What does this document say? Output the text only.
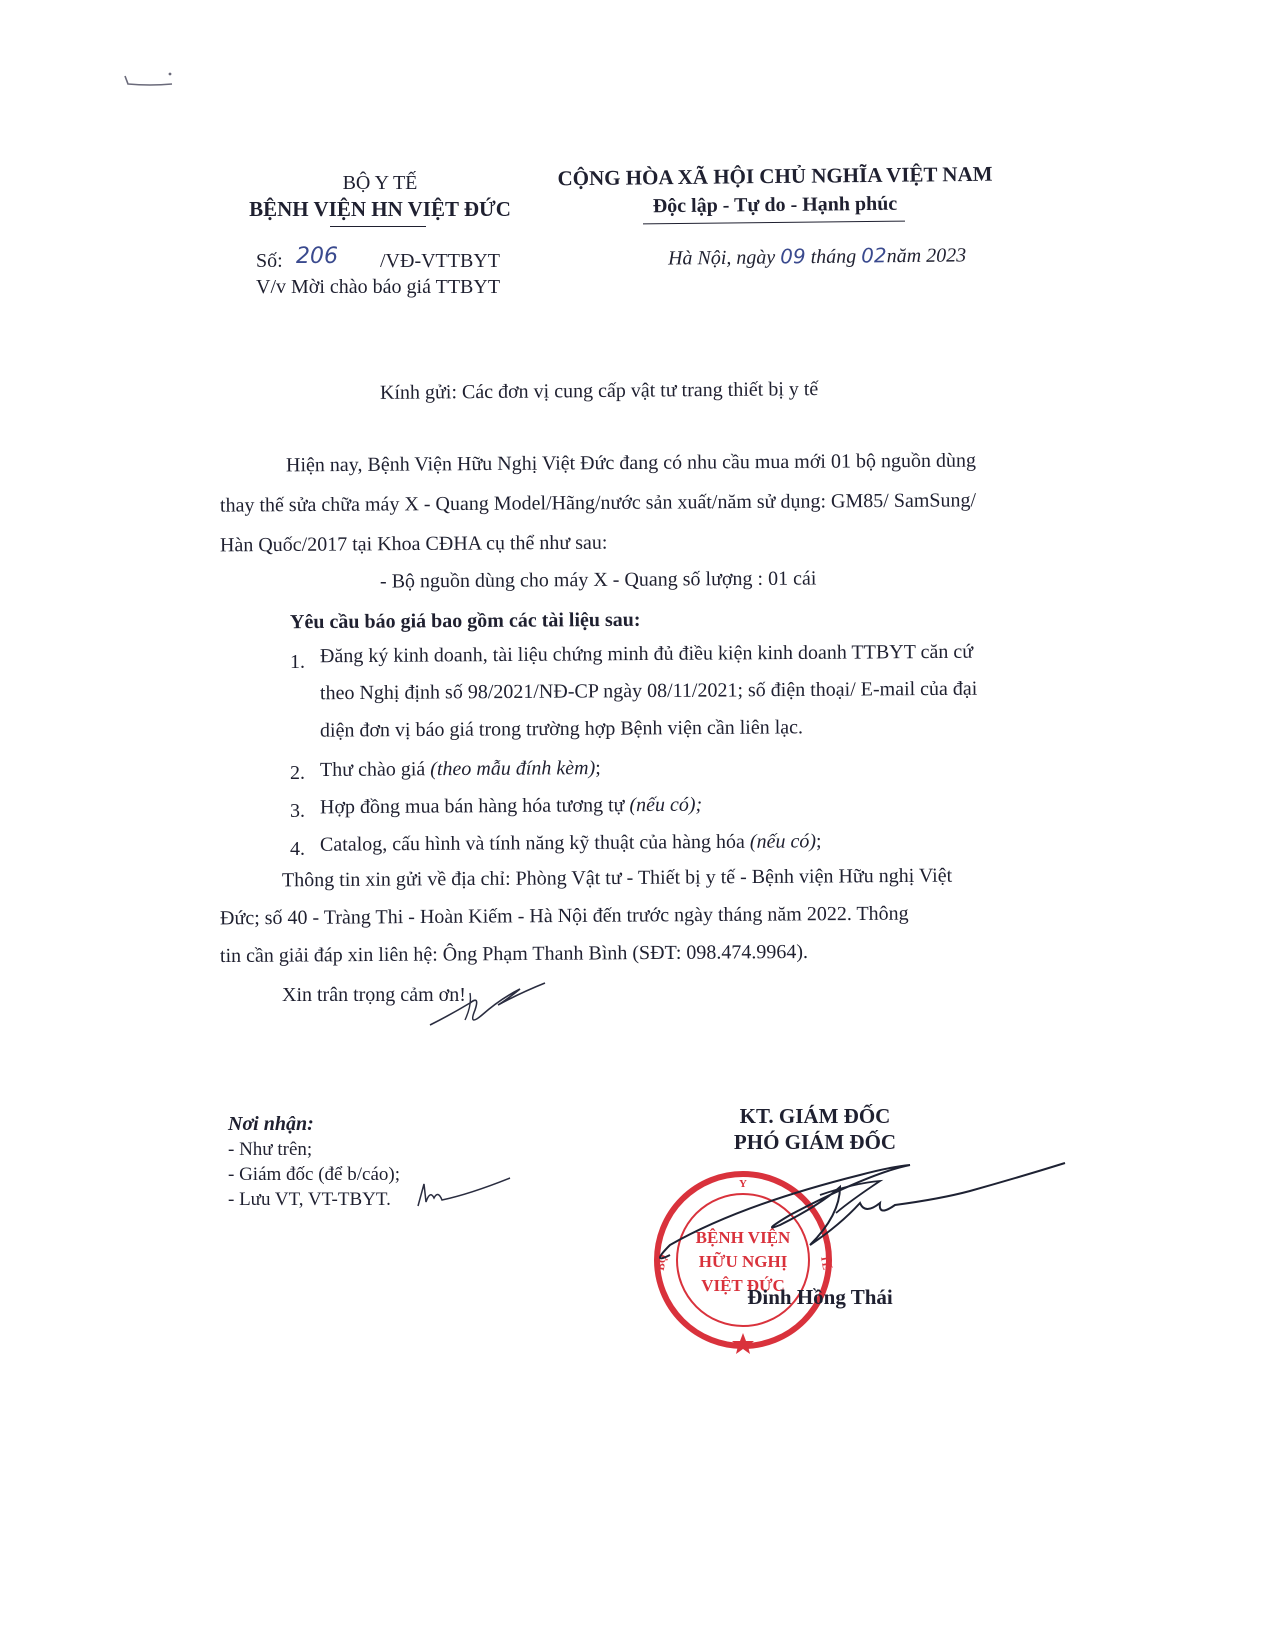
BỘ Y TẾ
BỆNH VIỆN HN VIỆT ĐỨC
Số: 206 /VĐ-VTTBYT
V/v Mời chào báo giá TTBYT
CỘNG HÒA XÃ HỘI CHỦ NGHĨA VIỆT NAM
Độc lập - Tự do - Hạnh phúc
Hà Nội, ngày 09 tháng 02năm 2023
Kính gửi: Các đơn vị cung cấp vật tư trang thiết bị y tế
Hiện nay, Bệnh Viện Hữu Nghị Việt Đức đang có nhu cầu mua mới 01 bộ nguồn dùng
thay thế sửa chữa máy X - Quang Model/Hãng/nước sản xuất/năm sử dụng: GM85/ SamSung/
Hàn Quốc/2017 tại Khoa CĐHA cụ thể như sau:
- Bộ nguồn dùng cho máy X - Quang số lượng : 01 cái
Yêu cầu báo giá bao gồm các tài liệu sau:
1. Đăng ký kinh doanh, tài liệu chứng minh đủ điều kiện kinh doanh TTBYT căn cứ
theo Nghị định số 98/2021/NĐ-CP ngày 08/11/2021; số điện thoại/ E-mail của đại
diện đơn vị báo giá trong trường hợp Bệnh viện cần liên lạc.
2. Thư chào giá (theo mẫu đính kèm);
3. Hợp đồng mua bán hàng hóa tương tự (nếu có);
4. Catalog, cấu hình và tính năng kỹ thuật của hàng hóa (nếu có);
Thông tin xin gửi về địa chỉ: Phòng Vật tư - Thiết bị y tế - Bệnh viện Hữu nghị Việt
Đức; số 40 - Tràng Thi - Hoàn Kiếm - Hà Nội đến trước ngày tháng năm 2022. Thông
tin cần giải đáp xin liên hệ: Ông Phạm Thanh Bình (SĐT: 098.474.9964).
Xin trân trọng cảm ơn!
Nơi nhận:
- Như trên;
- Giám đốc (để b/cáo);
- Lưu VT, VT-TBYT.
KT. GIÁM ĐỐC
PHÓ GIÁM ĐỐC
BỆNH VIỆN
HỮU NGHỊ
VIỆT ĐỨC
BỘ
Y
TẾ
Đinh Hồng Thái
